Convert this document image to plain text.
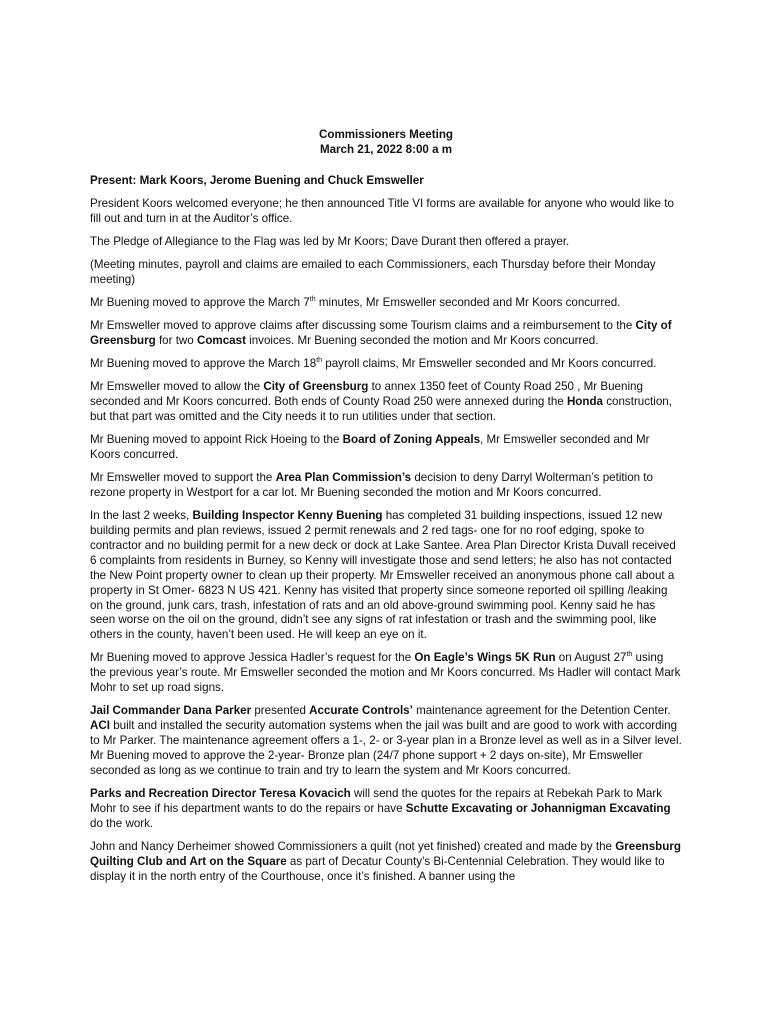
Commissioners Meeting

March 21, 2022 8:00 a m

Present: Mark Koors, Jerome Buening and Chuck Emsweller

President Koors welcomed everyone; he then announced Title VI forms are available for anyone who would like to fill out and turn in at the Auditor’s office.

The Pledge of Allegiance to the Flag was led by Mr Koors; Dave Durant then offered a prayer.

(Meeting minutes, payroll and claims are emailed to each Commissioners, each Thursday before their Monday meeting)

Mr Buening moved to approve the March 7th minutes, Mr Emsweller seconded and Mr Koors concurred.

Mr Emsweller moved to approve claims after discussing some Tourism claims and a reimbursement to the City of Greensburg for two Comcast invoices. Mr Buening seconded the motion and Mr Koors concurred.

Mr Buening moved to approve the March 18th payroll claims, Mr Emsweller seconded and Mr Koors concurred.

Mr Emsweller moved to allow the City of Greensburg to annex 1350 feet of County Road 250 , Mr Buening seconded and Mr Koors concurred. Both ends of County Road 250 were annexed during the Honda construction, but that part was omitted and the City needs it to run utilities under that section.

Mr Buening moved to appoint Rick Hoeing to the Board of Zoning Appeals, Mr Emsweller seconded and Mr Koors concurred.

Mr Emsweller moved to support the Area Plan Commission’s decision to deny Darryl Wolterman’s petition to rezone property in Westport for a car lot. Mr Buening seconded the motion and Mr Koors concurred.

In the last 2 weeks, Building Inspector Kenny Buening has completed 31 building inspections, issued 12 new building permits and plan reviews, issued 2 permit renewals and 2 red tags- one for no roof edging, spoke to contractor and no building permit for a new deck or dock at Lake Santee. Area Plan Director Krista Duvall received 6 complaints from residents in Burney, so Kenny will investigate those and send letters; he also has not contacted the New Point property owner to clean up their property. Mr Emsweller received an anonymous phone call about a property in St Omer- 6823 N US 421. Kenny has visited that property since someone reported oil spilling /leaking on the ground, junk cars, trash, infestation of rats and an old above-ground swimming pool. Kenny said he has seen worse on the oil on the ground, didn’t see any signs of rat infestation or trash and the swimming pool, like others in the county, haven’t been used. He will keep an eye on it.

Mr Buening moved to approve Jessica Hadler’s request for the On Eagle’s Wings 5K Run on August 27th using the previous year’s route. Mr Emsweller seconded the motion and Mr Koors concurred. Ms Hadler will contact Mark Mohr to set up road signs.

Jail Commander Dana Parker presented Accurate Controls’ maintenance agreement for the Detention Center. ACI built and installed the security automation systems when the jail was built and are good to work with according to Mr Parker. The maintenance agreement offers a 1-, 2- or 3-year plan in a Bronze level as well as in a Silver level. Mr Buening moved to approve the 2-year- Bronze plan (24/7 phone support + 2 days on-site), Mr Emsweller seconded as long as we continue to train and try to learn the system and Mr Koors concurred.

Parks and Recreation Director Teresa Kovacich will send the quotes for the repairs at Rebekah Park to Mark Mohr to see if his department wants to do the repairs or have Schutte Excavating or Johannigman Excavating do the work.

John and Nancy Derheimer showed Commissioners a quilt (not yet finished) created and made by the Greensburg Quilting Club and Art on the Square as part of Decatur County’s Bi-Centennial Celebration. They would like to display it in the north entry of the Courthouse, once it’s finished. A banner using the
